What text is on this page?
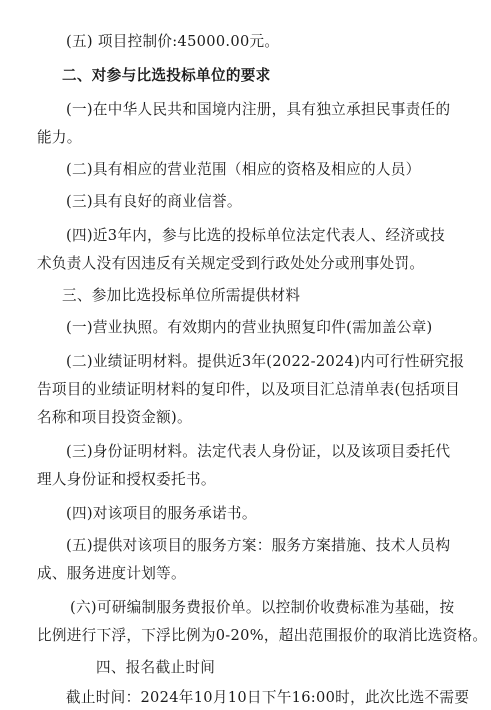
(五) 项目控制价:45000.00元。
二、对参与比选投标单位的要求
(一)在中华人民共和国境内注册，具有独立承担民事责任的
能力。
(二)具有相应的营业范围（相应的资格及相应的人员）
(三)具有良好的商业信誉。
(四)近3年内，参与比选的投标单位法定代表人、经济或技
术负责人没有因违反有关规定受到行政处处分或刑事处罚。
三、参加比选投标单位所需提供材料
(一)营业执照。有效期内的营业执照复印件(需加盖公章)
(二)业绩证明材料。提供近3年(2022-2024)内可行性研究报
告项目的业绩证明材料的复印件，以及项目汇总清单表(包括项目
名称和项目投资金额)。
(三)身份证明材料。法定代表人身份证，以及该项目委托代
理人身份证和授权委托书。
(四)对该项目的服务承诺书。
(五)提供对该项目的服务方案：服务方案措施、技术人员构
成、服务进度计划等。
(六)可研编制服务费报价单。以控制价收费标准为基础，按
比例进行下浮，下浮比例为0-20%，超出范围报价的取消比选资格。
四、报名截止时间
截止时间：2024年10月10日下午16:00时，此次比选不需要
